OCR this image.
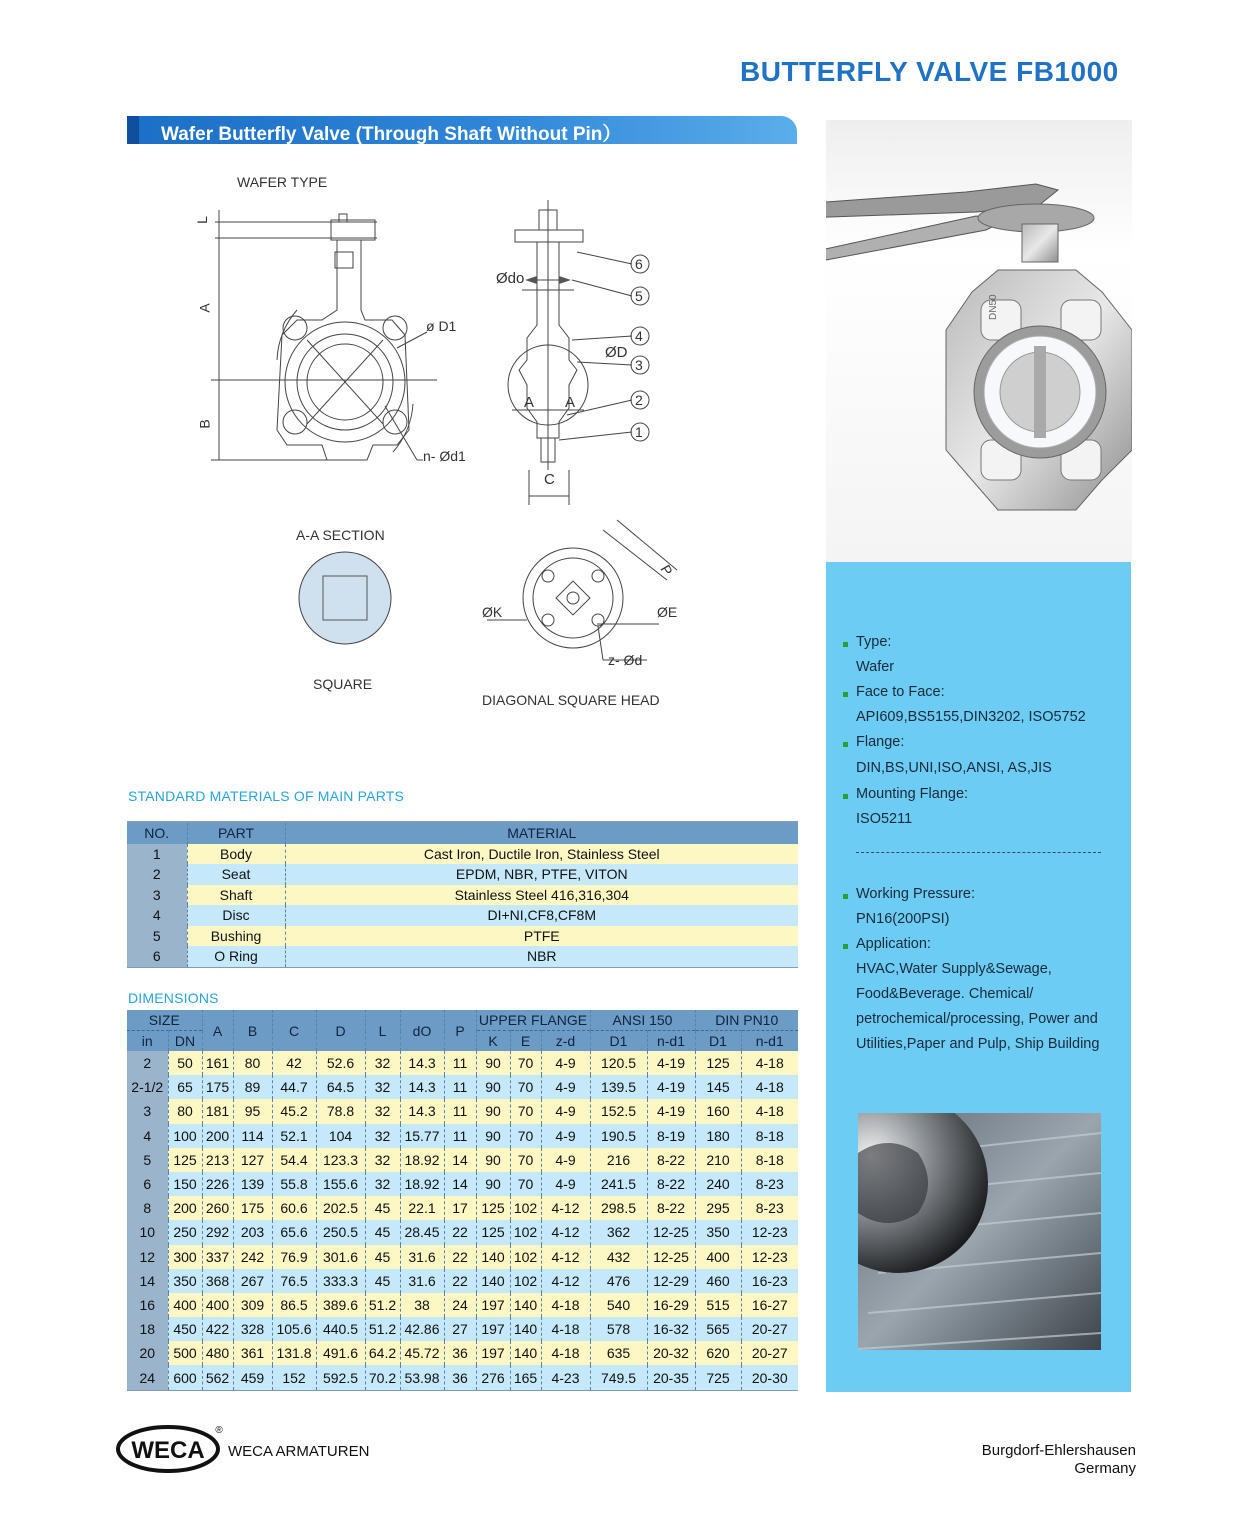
BUTTERFLY VALVE FB1000
Wafer Butterfly Valve (Through Shaft Without Pin）
WAFER TYPE
L
A
B
ø D1
n- Ød1
Ødo
ØD
A A
C
6
5
4
3
2
1
A-A SECTION
SQUARE
ØK	ØE
P
z- Ød
DIAGONAL SQUARE HEAD
STANDARD MATERIALS OF MAIN PARTS
NO.	PART	MATERIAL
1	Body	Cast Iron, Ductile Iron, Stainless Steel
2	Seat	EPDM, NBR, PTFE, VITON
3	Shaft	Stainless Steel 416,316,304
4	Disc	DI+NI,CF8,CF8M
5	Bushing	PTFE
6	O Ring	NBR
DIMENSIONS
SIZE		A	B	C	D	L	dO	P	UPPER FLANGE			ANSI 150		DIN PN10	
in	DN								K	E	z-d	D1	n-d1	D1	n-d1
2	50	161	80	42	52.6	32	14.3	11	90	70	4-9	120.5	4-19	125	4-18
2-1/2	65	175	89	44.7	64.5	32	14.3	11	90	70	4-9	139.5	4-19	145	4-18
3	80	181	95	45.2	78.8	32	14.3	11	90	70	4-9	152.5	4-19	160	4-18
4	100	200	114	52.1	104	32	15.77	11	90	70	4-9	190.5	8-19	180	8-18
5	125	213	127	54.4	123.3	32	18.92	14	90	70	4-9	216	8-22	210	8-18
6	150	226	139	55.8	155.6	32	18.92	14	90	70	4-9	241.5	8-22	240	8-23
8	200	260	175	60.6	202.5	45	22.1	17	125	102	4-12	298.5	8-22	295	8-23
10	250	292	203	65.6	250.5	45	28.45	22	125	102	4-12	362	12-25	350	12-23
12	300	337	242	76.9	301.6	45	31.6	22	140	102	4-12	432	12-25	400	12-23
14	350	368	267	76.5	333.3	45	31.6	22	140	102	4-12	476	12-29	460	16-23
16	400	400	309	86.5	389.6	51.2	38	24	197	140	4-18	540	16-29	515	16-27
18	450	422	328	105.6	440.5	51.2	42.86	27	197	140	4-18	578	16-32	565	20-27
20	500	480	361	131.8	491.6	64.2	45.72	36	197	140	4-18	635	20-32	620	20-27
24	600	562	459	152	592.5	70.2	53.98	36	276	165	4-23	749.5	20-35	725	20-30
DN50
Type:
Wafer
Face to Face:
API609,BS5155,DIN3202, ISO5752
Flange:
DIN,BS,UNI,ISO,ANSI, AS,JIS
Mounting Flange:
ISO5211
Working Pressure:
PN16(200PSI)
Application:
HVAC,Water Supply&Sewage,
Food&Beverage. Chemical/
petrochemical/processing, Power and
Utilities,Paper and Pulp, Ship Building
WECA
®
WECA ARMATUREN	Burgdorf-Ehlershausen
Germany
